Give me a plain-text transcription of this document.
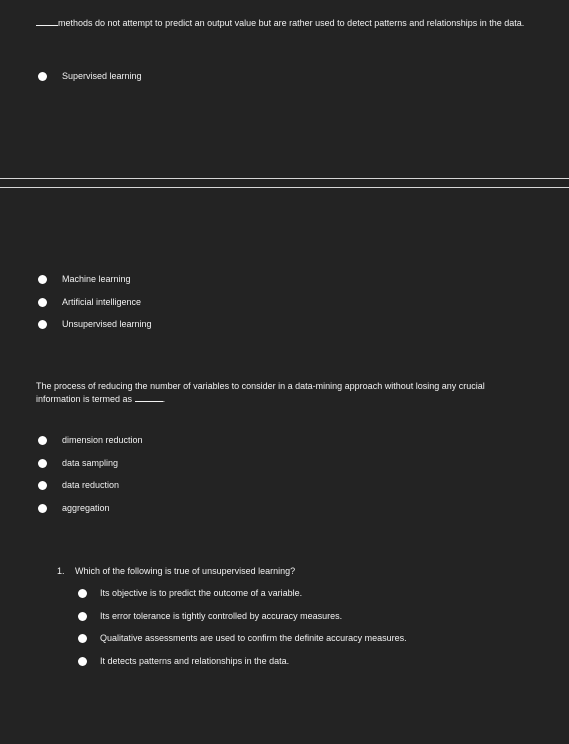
methods do not attempt to predict an output value but are rather used to detect patterns and relationships in the data.
Supervised learning
Machine learning
Artificial intelligence
Unsupervised learning
The process of reducing the number of variables to consider in a data-mining approach without losing any crucial information is termed as	.
dimension reduction
data sampling
data reduction
aggregation
1.	Which of the following is true of unsupervised learning?
Its objective is to predict the outcome of a variable.
Its error tolerance is tightly controlled by accuracy measures.
Qualitative assessments are used to confirm the definite accuracy measures.
It detects patterns and relationships in the data.
